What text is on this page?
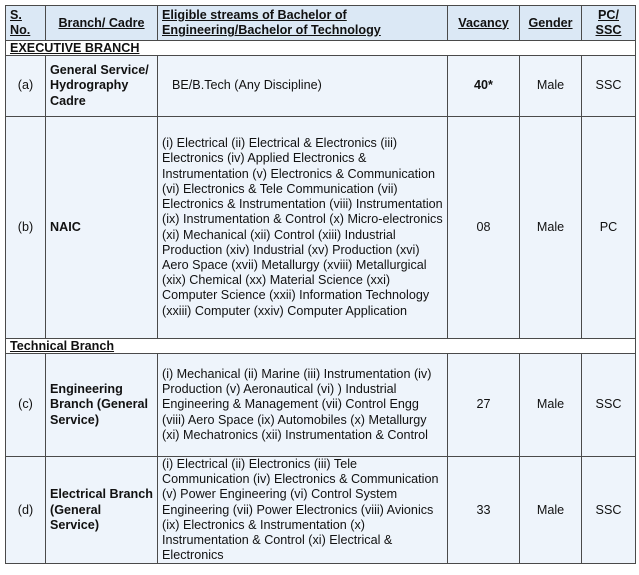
S. No.	Branch/ Cadre	Eligible streams of Bachelor of Engineering/Bachelor of Technology	Vacancy	Gender	PC/ SSC
EXECUTIVE BRANCH					
(a)	General Service/ Hydrography Cadre	BE/B.Tech (Any Discipline)	40*	Male	SSC
(b)	NAIC	(i) Electrical (ii) Electrical & Electronics (iii) Electronics (iv) Applied Electronics & Instrumentation (v) Electronics & Communication (vi) Electronics & Tele Communication (vii) Electronics & Instrumentation (viii) Instrumentation (ix) Instrumentation & Control (x) Micro-electronics (xi) Mechanical (xii) Control (xiii) Industrial Production (xiv) Industrial (xv) Production (xvi) Aero Space (xvii) Metallurgy (xviii) Metallurgical (xix) Chemical (xx) Material Science (xxi) Computer Science (xxii) Information Technology (xxiii) Computer (xxiv) Computer Application	08	Male	PC
Technical Branch					
(c)	Engineering Branch (General Service)	(i) Mechanical (ii) Marine (iii) Instrumentation (iv) Production (v) Aeronautical (vi) ) Industrial Engineering & Management (vii) Control Engg (viii) Aero Space (ix) Automobiles (x) Metallurgy (xi) Mechatronics (xii) Instrumentation & Control	27	Male	SSC
(d)	Electrical Branch (General Service)	(i) Electrical (ii) Electronics (iii) Tele Communication (iv) Electronics & Communication (v) Power Engineering (vi) Control System Engineering (vii) Power Electronics (viii) Avionics (ix) Electronics & Instrumentation (x) Instrumentation & Control (xi) Electrical & Electronics	33	Male	SSC
